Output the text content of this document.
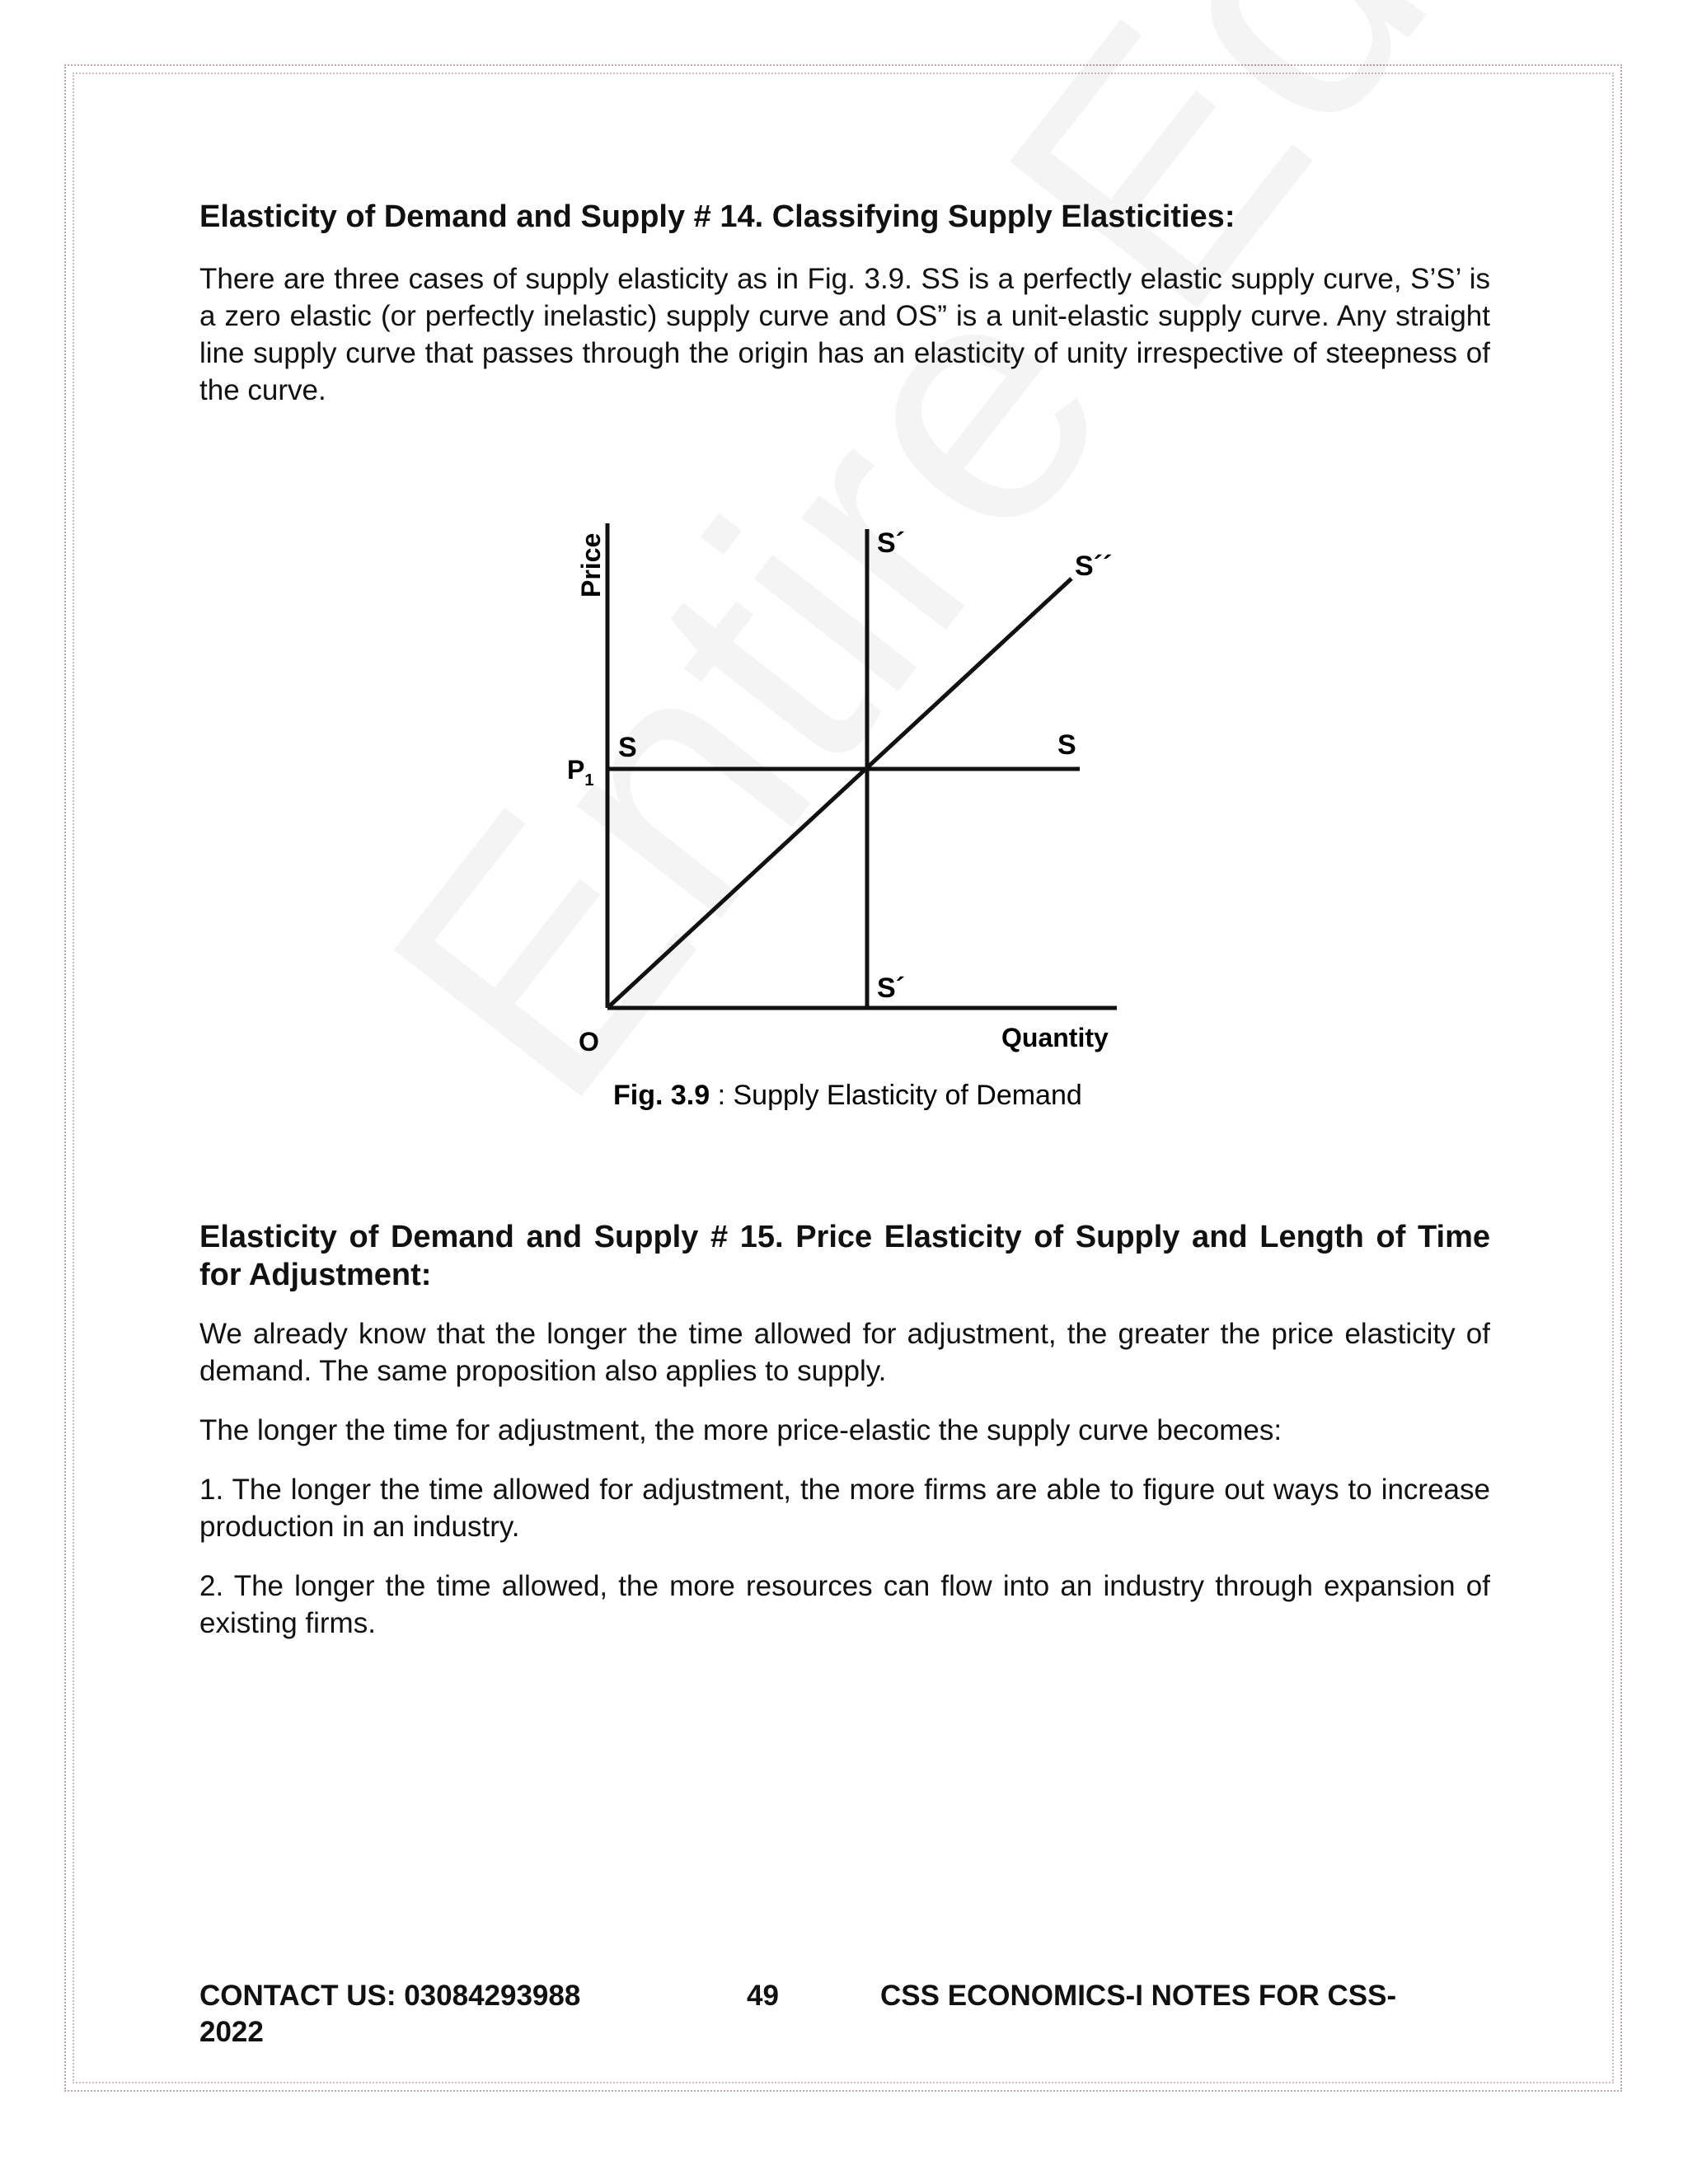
Elasticity of Demand and Supply # 14. Classifying Supply Elasticities:

There are three cases of supply elasticity as in Fig. 3.9. SS is a perfectly elastic supply curve, S’S’ is a zero elastic (or perfectly inelastic) supply curve and OS” is a unit-elastic supply curve. Any straight line supply curve that passes through the origin has an elasticity of unity irrespective of steepness of the curve.

Price
Quantity
O
$P_1$
S	S
S´
S´
S´´
Fig. 3.9 : Supply Elasticity of Demand
Elasticity of Demand and Supply # 15. Price Elasticity of Supply and Length of Time for Adjustment:

We already know that the longer the time allowed for adjustment, the greater the price elasticity of demand. The same proposition also applies to supply.

The longer the time for adjustment, the more price-elastic the supply curve becomes:

1. The longer the time allowed for adjustment, the more firms are able to figure out ways to increase production in an industry.

2. The longer the time allowed, the more resources can flow into an industry through expansion of existing firms.

CONTACT US: 03084293988
2022
49	CSS ECONOMICS-I NOTES FOR CSS-
